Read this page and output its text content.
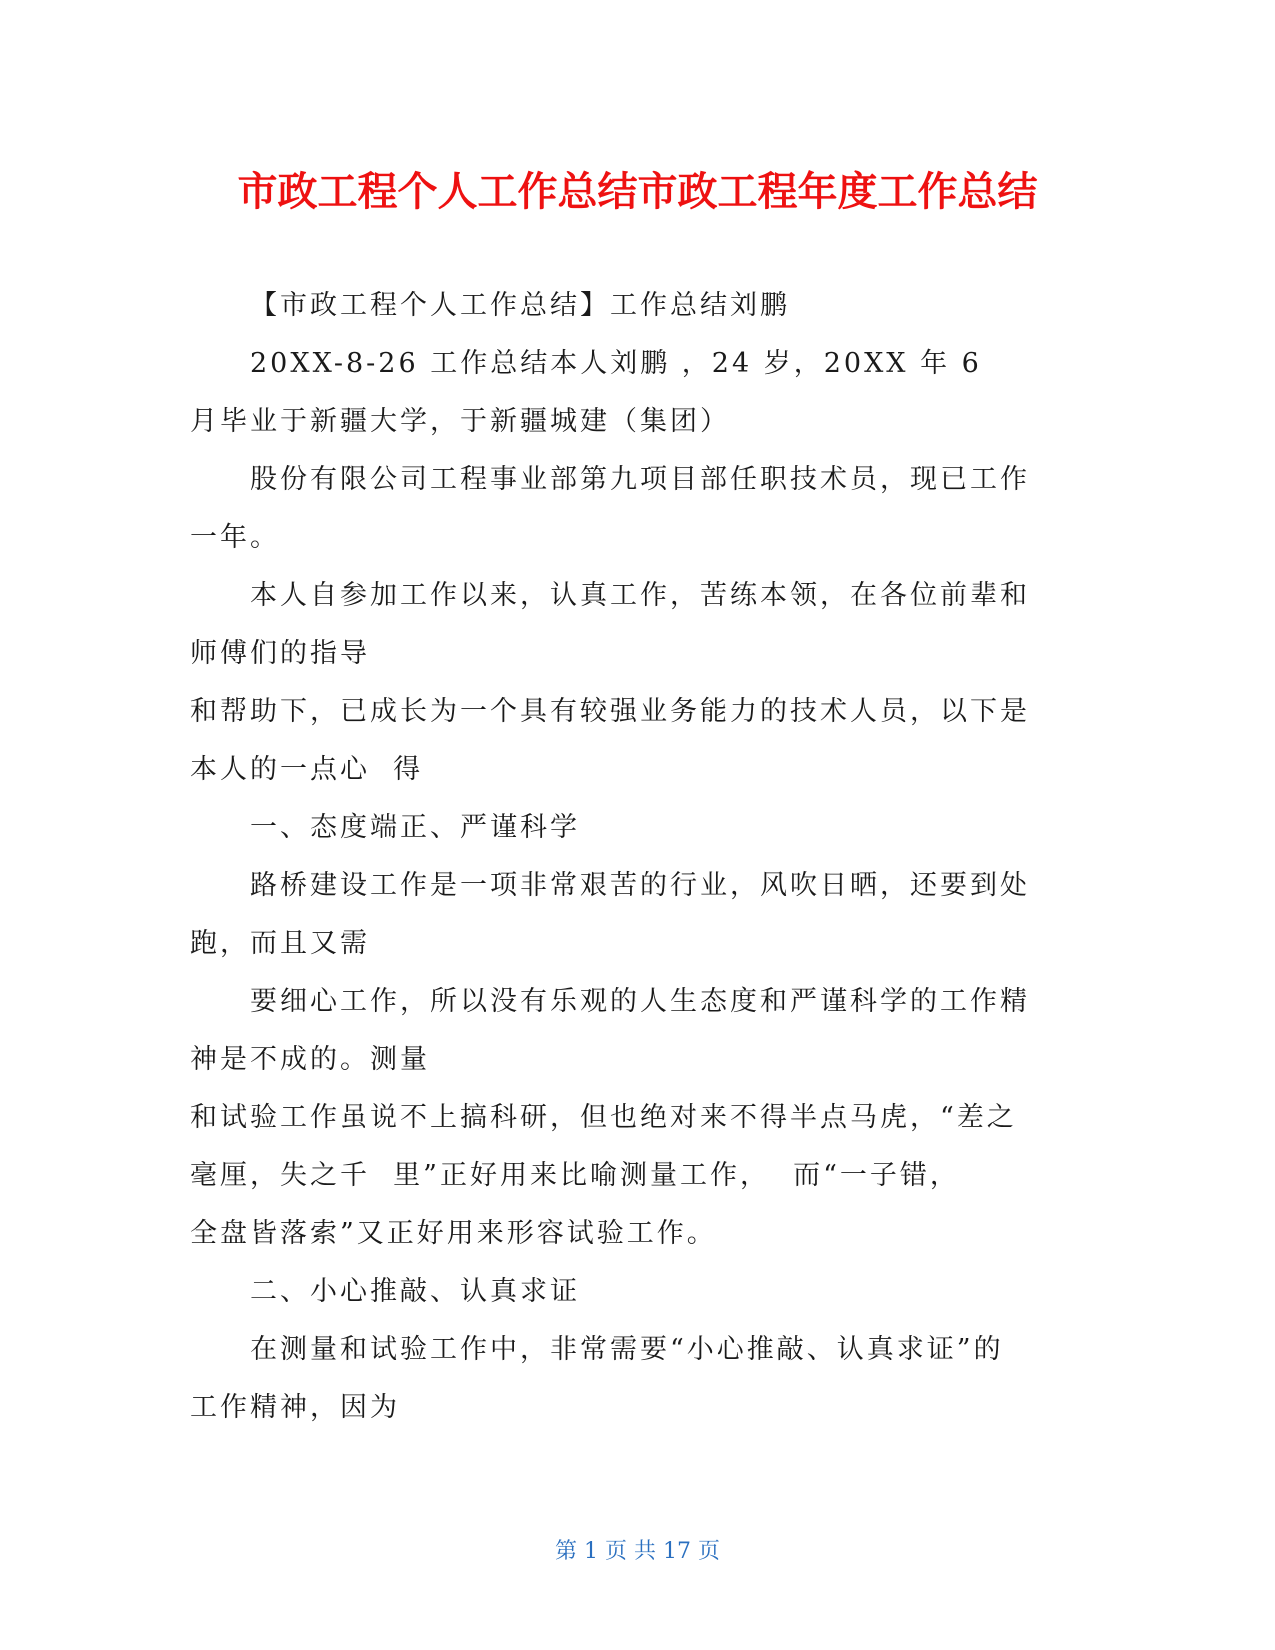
市政工程个人工作总结市政工程年度工作总结
【市政工程个人工作总结】工作总结刘鹏
20XX-8-26 工作总结本人刘鹏 ，24 岁，20XX 年 6
月毕业于新疆大学，于新疆城建（集团）
股份有限公司工程事业部第九项目部任职技术员，现已工作
一年。
本人自参加工作以来，认真工作，苦练本领，在各位前辈和
师傅们的指导
和帮助下，已成长为一个具有较强业务能力的技术人员，以下是
本人的一点心  得
一、态度端正、严谨科学
路桥建设工作是一项非常艰苦的行业，风吹日晒，还要到处
跑，而且又需
要细心工作，所以没有乐观的人生态度和严谨科学的工作精
神是不成的。测量
和试验工作虽说不上搞科研，但也绝对来不得半点马虎，“差之
毫厘，失之千  里”正好用来比喻测量工作，  而“一子错，
全盘皆落索”又正好用来形容试验工作。
二、小心推敲、认真求证
在测量和试验工作中，非常需要“小心推敲、认真求证”的
工作精神，因为
第 1 页 共 17 页
